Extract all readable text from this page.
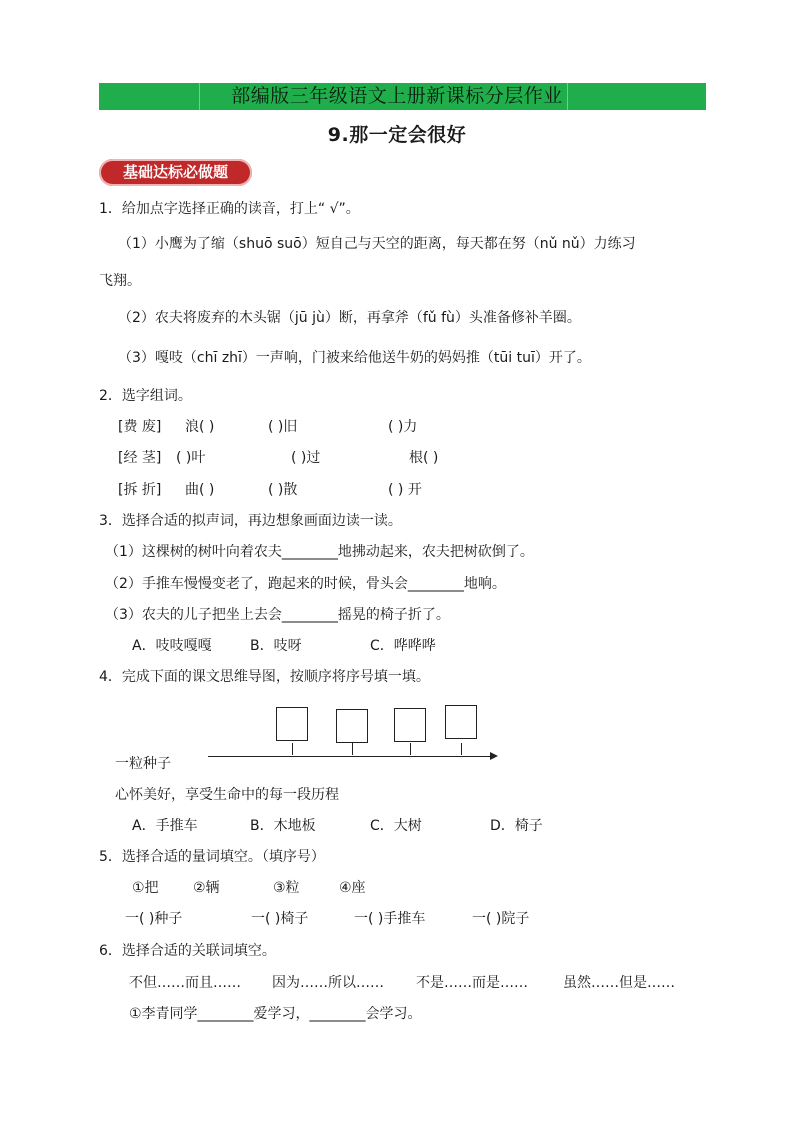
部编版三年级语文上册新课标分层作业
9.那一定会很好
基础达标必做题
1．给加点字选择正确的读音，打上“ √”。
（1）小鹰为了缩（shuō suō）短自己与天空的距离，每天都在努（nǔ nǔ）力练习
飞翔。
（2）农夫将废弃的木头锯（jū jù）断，再拿斧（fǔ fù）头准备修补羊圈。
（3）嘎吱（chī zhī）一声响，门被来给他送牛奶的妈妈推（tūi tuī）开了。
2．选字组词。
[费 废] 浪( )	( )旧	( )力
[经 茎] ( )叶	( )过	根( )
[拆 折] 曲( )	( )散	( ) 开
3．选择合适的拟声词，再边想象画面边读一读。
（1）这棵树的树叶向着农夫________地拂动起来，农夫把树砍倒了。
（2）手推车慢慢变老了，跑起来的时候，骨头会________地响。
（3）农夫的儿子把坐上去会________摇晃的椅子折了。
A．吱吱嘎嘎	B．吱呀	C．哗哗哗
4．完成下面的课文思维导图，按顺序将序号填一填。
一粒种子
心怀美好，享受生命中的每一段历程
A．手推车	B．木地板	C．大树	D．椅子
5．选择合适的量词填空。（填序号）
①把 ②辆	③粒	④座
一( )种子	一( )椅子	一( )手推车	一( )院子
6．选择合适的关联词填空。
不但……而且…… 因为……所以…… 不是……而是……	虽然……但是……
①李青同学________爱学习，________会学习。
